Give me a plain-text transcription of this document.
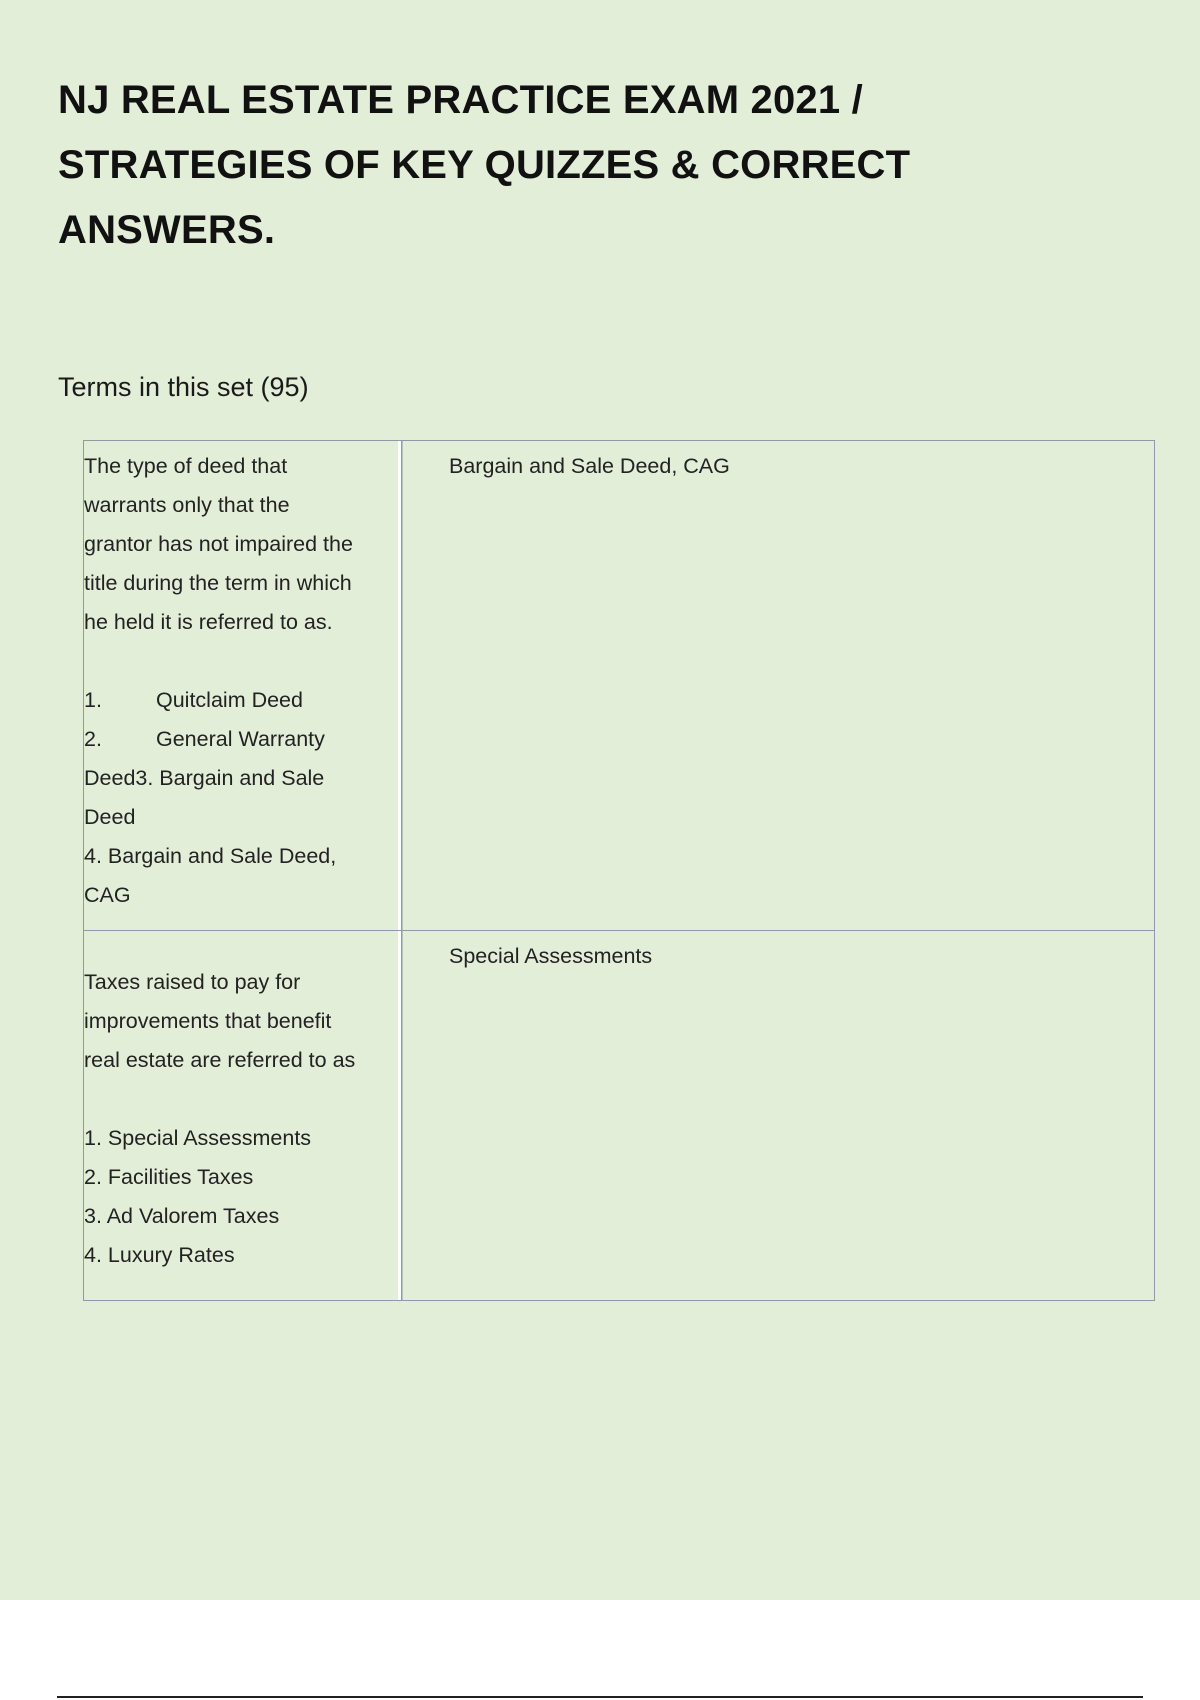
NJ REAL ESTATE PRACTICE EXAM 2021 /
STRATEGIES OF KEY QUIZZES & CORRECT
ANSWERS.
Terms in this set (95)
The type of deed that
warrants only that the
grantor has not impaired the
title during the term in which
he held it is referred to as.
1.	Quitclaim Deed
2.	General Warranty
Deed3. Bargain and Sale
Deed
4. Bargain and Sale Deed,
CAG
Bargain and Sale Deed, CAG
Taxes raised to pay for
improvements that benefit
real estate are referred to as
1. Special Assessments
2. Facilities Taxes
3. Ad Valorem Taxes
4. Luxury Rates
Special Assessments
